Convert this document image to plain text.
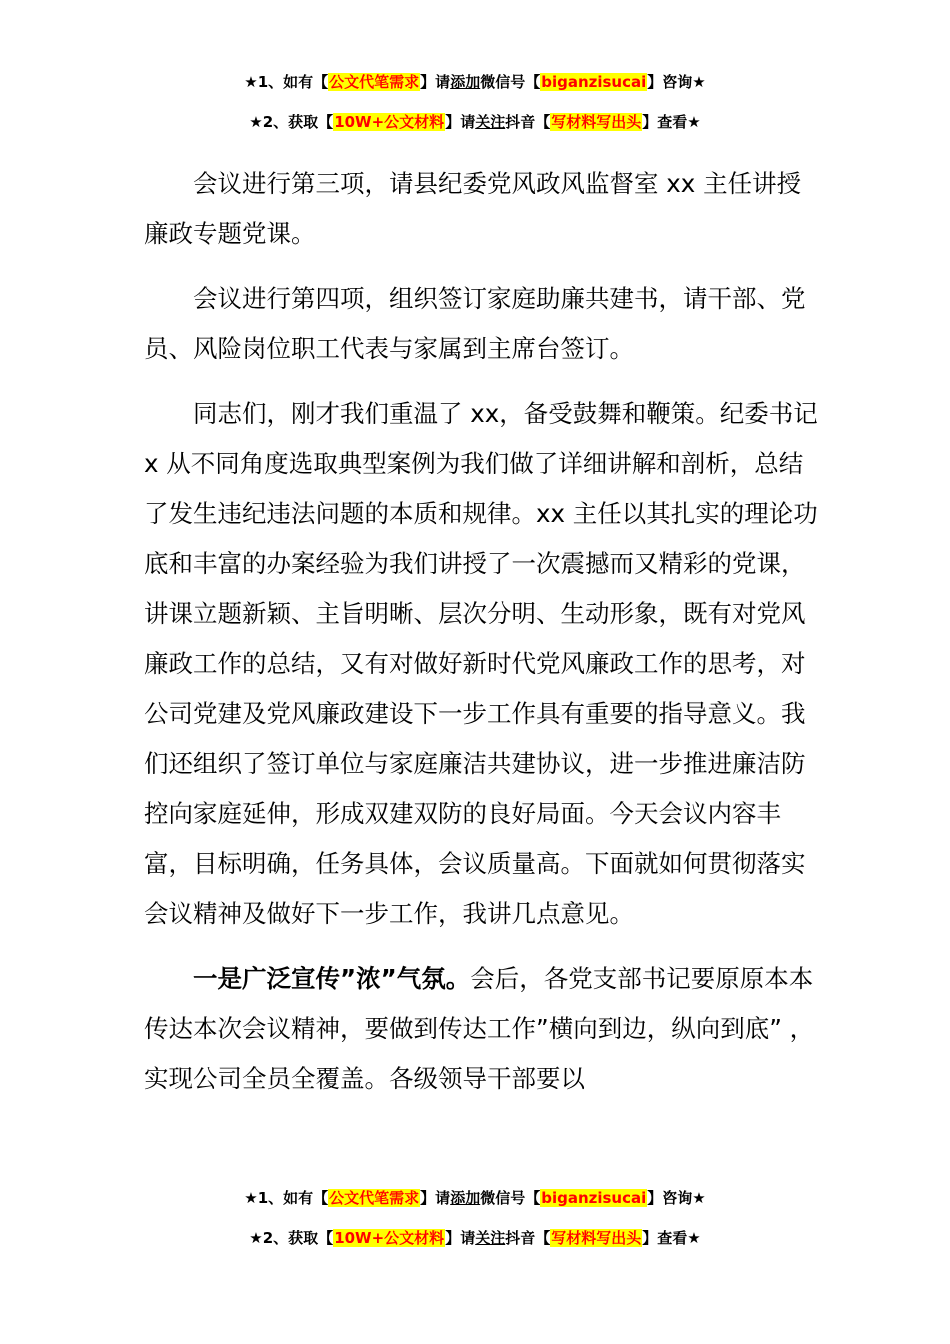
★1、如有【公文代笔需求】请添加微信号【biganzisucai】咨询★
★2、获取【10W+公文材料】请关注抖音【写材料写出头】查看★

会议进行第三项，请县纪委党风政风监督室 xx 主任讲授廉政专题党课。

会议进行第四项，组织签订家庭助廉共建书，请干部、党员、风险岗位职工代表与家属到主席台签订。

同志们，刚才我们重温了 xx，备受鼓舞和鞭策。纪委书记 x 从不同角度选取典型案例为我们做了详细讲解和剖析，总结了发生违纪违法问题的本质和规律。xx 主任以其扎实的理论功底和丰富的办案经验为我们讲授了一次震撼而又精彩的党课，讲课立题新颖、主旨明晰、层次分明、生动形象，既有对党风廉政工作的总结，又有对做好新时代党风廉政工作的思考，对公司党建及党风廉政建设下一步工作具有重要的指导意义。我们还组织了签订单位与家庭廉洁共建协议，进一步推进廉洁防控向家庭延伸，形成双建双防的良好局面。今天会议内容丰富，目标明确，任务具体，会议质量高。下面就如何贯彻落实会议精神及做好下一步工作，我讲几点意见。

一是广泛宣传”浓”气氛。会后，各党支部书记要原原本本传达本次会议精神，要做到传达工作”横向到边，纵向到底” ，实现公司全员全覆盖。各级领导干部要以

★1、如有【公文代笔需求】请添加微信号【biganzisucai】咨询★
★2、获取【10W+公文材料】请关注抖音【写材料写出头】查看★
